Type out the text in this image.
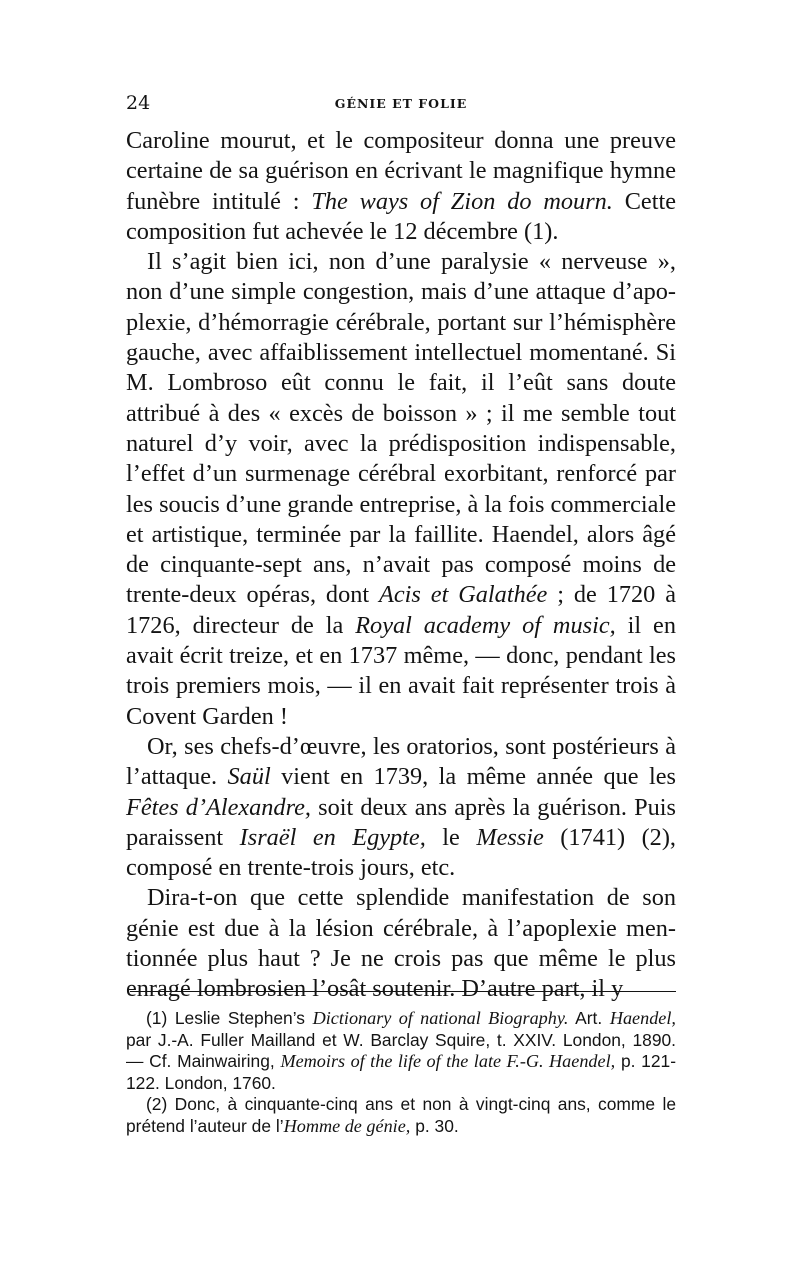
24	GÉNIE ET FOLIE

Caroline mourut, et le compositeur donna une preuve certaine de sa guérison en écrivant le magnifique hymne funèbre intitulé : The ways of Zion do mourn. Cette composition fut achevée le 12 décembre (1).

Il s’agit bien ici, non d’une paralysie « nerveuse », non d’une simple congestion, mais d’une attaque d’apo-plexie, d’hémorragie cérébrale, portant sur l’hémisphère gauche, avec affaiblissement intellectuel momentané. Si M. Lombroso eût connu le fait, il l’eût sans doute attribué à des « excès de boisson » ; il me semble tout naturel d’y voir, avec la prédisposition indispensable, l’effet d’un surmenage cérébral exorbitant, renforcé par les soucis d’une grande entreprise, à la fois commerciale et artistique, terminée par la faillite. Haendel, alors âgé de cinquante-sept ans, n’avait pas composé moins de trente-deux opéras, dont Acis et Galathée ; de 1720 à 1726, directeur de la Royal academy of music, il en avait écrit treize, et en 1737 même, — donc, pendant les trois premiers mois, — il en avait fait représenter trois à Covent Garden !

Or, ses chefs-d’œuvre, les oratorios, sont postérieurs à l’attaque. Saül vient en 1739, la même année que les Fêtes d’Alexandre, soit deux ans après la guérison. Puis paraissent Israël en Egypte, le Messie (1741) (2), composé en trente-trois jours, etc.

Dira-t-on que cette splendide manifestation de son génie est due à la lésion cérébrale, à l’apoplexie men-tionnée plus haut ? Je ne crois pas que même le plus enragé lombrosien l’osât soutenir. D’autre part, il y

(1) Leslie Stephen’s Dictionary of national Biography. Art. Haendel, par J.-A. Fuller Mailland et W. Barclay Squire, t. XXIV. London, 1890. — Cf. Mainwairing, Memoirs of the life of the late F.-G. Haendel, p. 121-122. London, 1760.

(2) Donc, à cinquante-cinq ans et non à vingt-cinq ans, comme le prétend l’auteur de l’Homme de génie, p. 30.
